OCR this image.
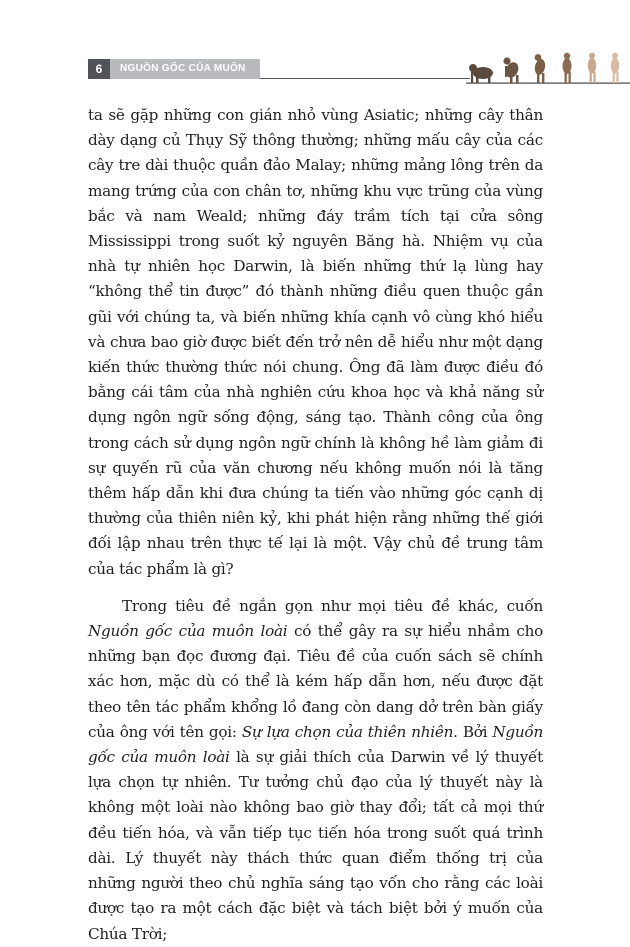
6	NGUỒN GỐC CỦA MUÔN LOÀI

ta sẽ gặp những con gián nhỏ vùng Asiatic; những cây thân dày dạng củ Thụy Sỹ thông thường; những mấu cây của các cây tre dài thuộc quần đảo Malay; những mảng lông trên da mang trứng của con chân tơ, những khu vực trũng của vùng bắc và nam Weald; những đáy trầm tích tại cửa sông Mississippi trong suốt kỷ nguyên Băng hà. Nhiệm vụ của nhà tự nhiên học Darwin, là biến những thứ lạ lùng hay “không thể tin được” đó thành những điều quen thuộc gần gũi với chúng ta, và biến những khía cạnh vô cùng khó hiểu và chưa bao giờ được biết đến trở nên dễ hiểu như một dạng kiến thức thường thức nói chung. Ông đã làm được điều đó bằng cái tâm của nhà nghiên cứu khoa học và khả năng sử dụng ngôn ngữ sống động, sáng tạo. Thành công của ông trong cách sử dụng ngôn ngữ chính là không hề làm giảm đi sự quyến rũ của văn chương nếu không muốn nói là tăng thêm hấp dẫn khi đưa chúng ta tiến vào những góc cạnh dị thường của thiên niên kỷ, khi phát hiện rằng những thế giới đối lập nhau trên thực tế lại là một. Vậy chủ đề trung tâm của tác phẩm là gì?

Trong tiêu đề ngắn gọn như mọi tiêu đề khác, cuốn Nguồn gốc của muôn loài có thể gây ra sự hiểu nhầm cho những bạn đọc đương đại. Tiêu đề của cuốn sách sẽ chính xác hơn, mặc dù có thể là kém hấp dẫn hơn, nếu được đặt theo tên tác phẩm khổng lồ đang còn dang dở trên bàn giấy của ông với tên gọi: Sự lựa chọn của thiên nhiên. Bởi Nguồn gốc của muôn loài là sự giải thích của Darwin về lý thuyết lựa chọn tự nhiên. Tư tưởng chủ đạo của lý thuyết này là không một loài nào không bao giờ thay đổi; tất cả mọi thứ đều tiến hóa, và vẫn tiếp tục tiến hóa trong suốt quá trình dài. Lý thuyết này thách thức quan điểm thống trị của những người theo chủ nghĩa sáng tạo vốn cho rằng các loài được tạo ra một cách đặc biệt và tách biệt bởi ý muốn của Chúa Trời;
